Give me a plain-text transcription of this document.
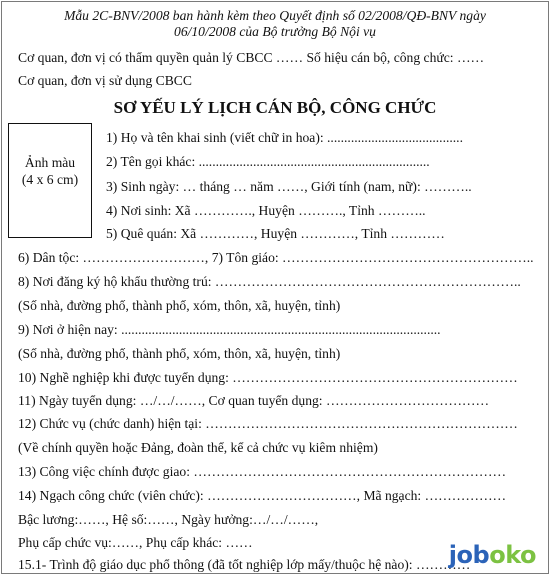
Mẫu 2C-BNV/2008 ban hành kèm theo Quyết định số 02/2008/QĐ-BNV ngày
06/10/2008 của Bộ trưởng Bộ Nội vụ
Cơ quan, đơn vị có thẩm quyền quản lý CBCC …… Số hiệu cán bộ, công chức: ……
Cơ quan, đơn vị sử dụng CBCC
SƠ YẾU LÝ LỊCH CÁN BỘ, CÔNG CHỨC
Ảnh màu
(4 x 6 cm)
1) Họ và tên khai sinh (viết chữ in hoa): ........................................
2) Tên gọi khác: ....................................................................
3) Sinh ngày: … tháng … năm ……, Giới tính (nam, nữ): ………..
4) Nơi sinh: Xã …………., Huyện ………., Tỉnh ………..
5) Quê quán: Xã …………, Huyện …………, Tỉnh …………
6) Dân tộc: ………………………, 7) Tôn giáo: ………………………………………………..
8) Nơi đăng ký hộ khẩu thường trú: …………………………………………………………..
(Số nhà, đường phố, thành phố, xóm, thôn, xã, huyện, tỉnh)
9) Nơi ở hiện nay: ..............................................................................................
(Số nhà, đường phố, thành phố, xóm, thôn, xã, huyện, tỉnh)
10) Nghề nghiệp khi được tuyển dụng: ………………………………………………………
11) Ngày tuyển dụng: …/…/……, Cơ quan tuyển dụng: ………………………………
12) Chức vụ (chức danh) hiện tại: ……………………………………………………………
(Về chính quyền hoặc Đảng, đoàn thể, kể cả chức vụ kiêm nhiệm)
13) Công việc chính được giao: ……………………………………………………………
14) Ngạch công chức (viên chức): ……………………………, Mã ngạch: ………………
Bậc lương:……, Hệ số:……, Ngày hưởng:…/…/……,
Phụ cấp chức vụ:……, Phụ cấp khác: ……
15.1- Trình độ giáo dục phổ thông (đã tốt nghiệp lớp mấy/thuộc hệ nào): …………
joboko
